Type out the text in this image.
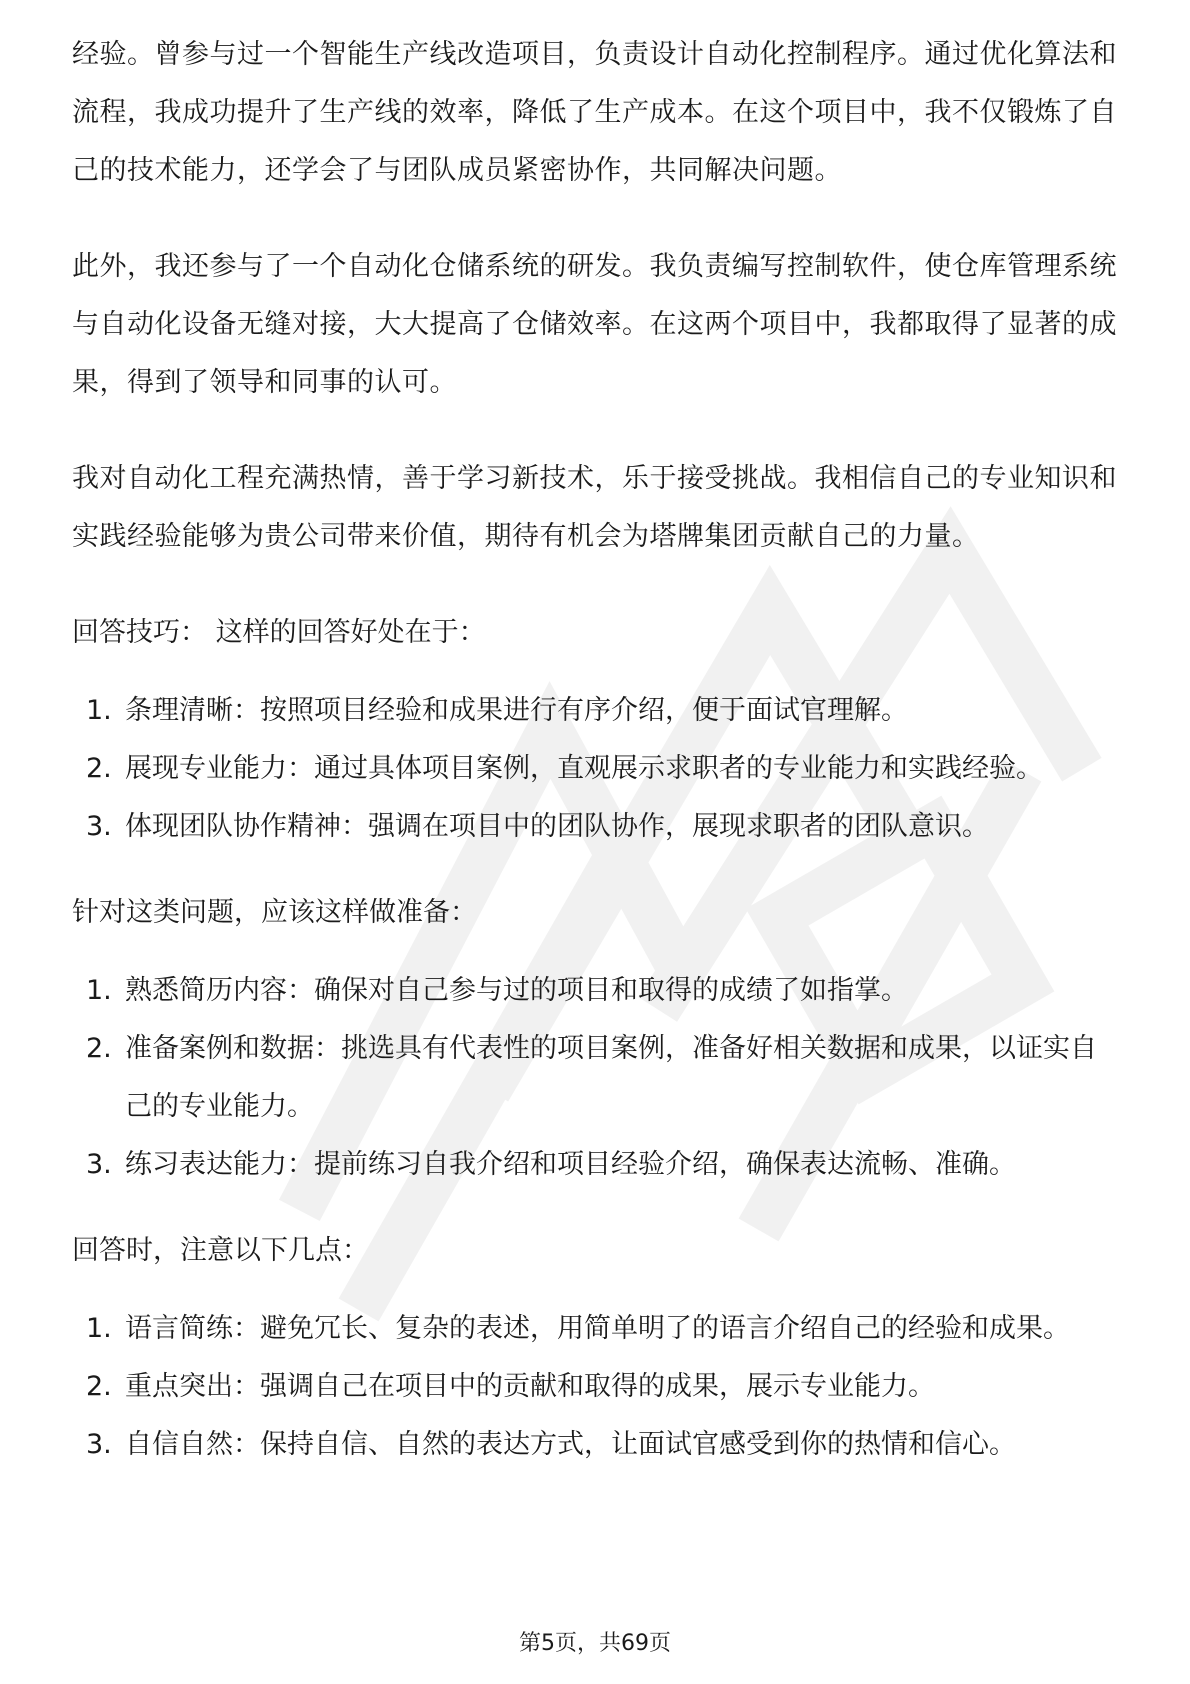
经验。曾参与过一个智能生产线改造项目，负责设计自动化控制程序。通过优化算法和流程，我成功提升了生产线的效率，降低了生产成本。在这个项目中，我不仅锻炼了自己的技术能力，还学会了与团队成员紧密协作，共同解决问题。

此外，我还参与了一个自动化仓储系统的研发。我负责编写控制软件，使仓库管理系统与自动化设备无缝对接，大大提高了仓储效率。在这两个项目中，我都取得了显著的成果，得到了领导和同事的认可。

我对自动化工程充满热情，善于学习新技术，乐于接受挑战。我相信自己的专业知识和实践经验能够为贵公司带来价值，期待有机会为塔牌集团贡献自己的力量。

回答技巧： 这样的回答好处在于：

1. 条理清晰：按照项目经验和成果进行有序介绍，便于面试官理解。
2. 展现专业能力：通过具体项目案例，直观展示求职者的专业能力和实践经验。
3. 体现团队协作精神：强调在项目中的团队协作，展现求职者的团队意识。

针对这类问题，应该这样做准备：

1. 熟悉简历内容：确保对自己参与过的项目和取得的成绩了如指掌。
2. 准备案例和数据：挑选具有代表性的项目案例，准备好相关数据和成果，以证实自己的专业能力。
3. 练习表达能力：提前练习自我介绍和项目经验介绍，确保表达流畅、准确。

回答时，注意以下几点：

1. 语言简练：避免冗长、复杂的表述，用简单明了的语言介绍自己的经验和成果。
2. 重点突出：强调自己在项目中的贡献和取得的成果，展示专业能力。
3. 自信自然：保持自信、自然的表达方式，让面试官感受到你的热情和信心。
第5页，共69页
